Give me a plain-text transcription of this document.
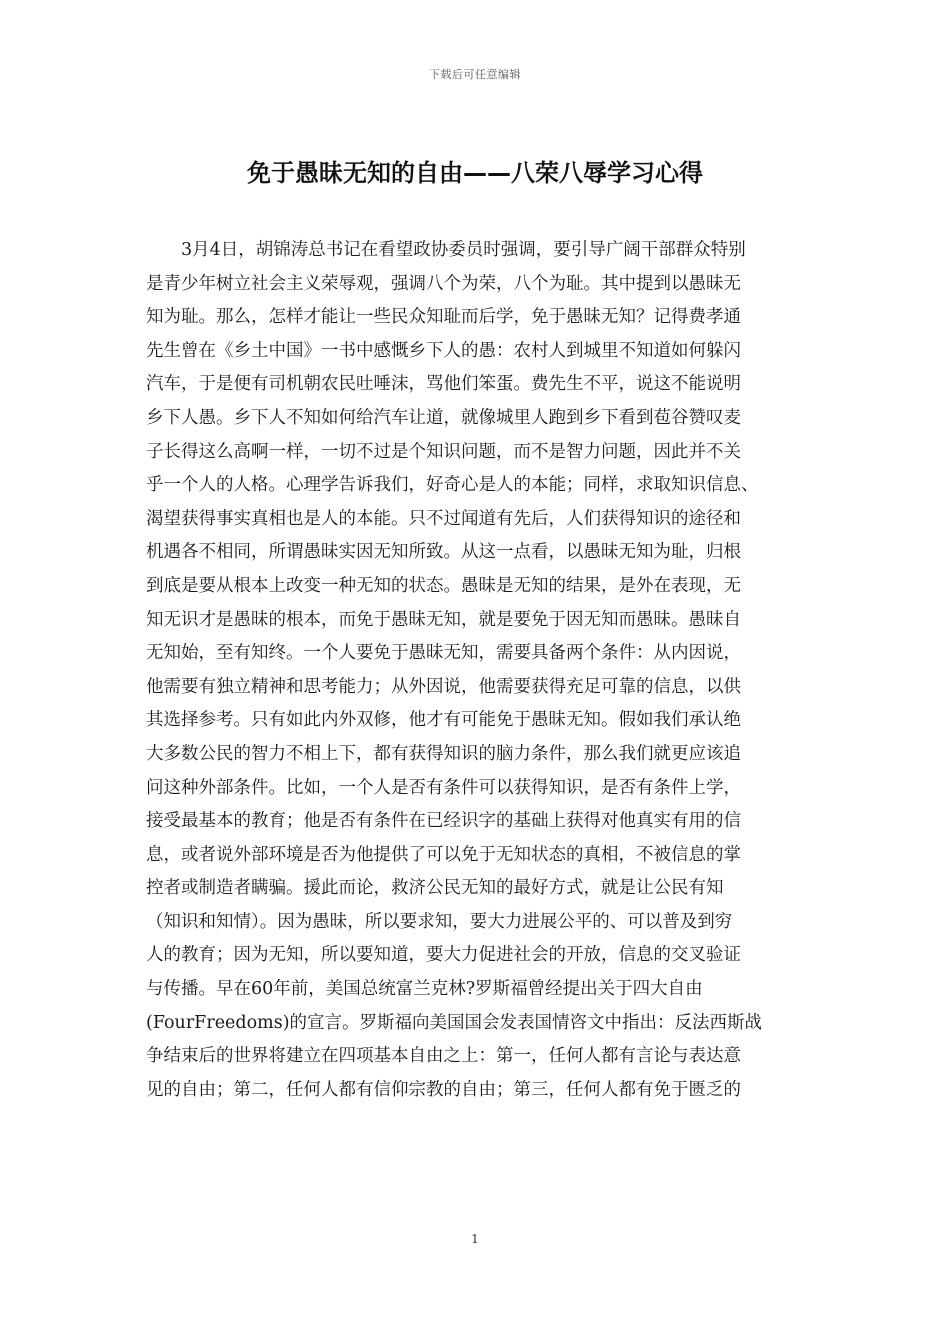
下载后可任意编辑
免于愚昧无知的自由——八荣八辱学习心得
　　3月4日，胡锦涛总书记在看望政协委员时强调，要引导广阔干部群众特别
是青少年树立社会主义荣辱观，强调八个为荣，八个为耻。其中提到以愚昧无
知为耻。那么，怎样才能让一些民众知耻而后学，免于愚昧无知？记得费孝通
先生曾在《乡土中国》一书中感慨乡下人的愚：农村人到城里不知道如何躲闪
汽车，于是便有司机朝农民吐唾沫，骂他们笨蛋。费先生不平，说这不能说明
乡下人愚。乡下人不知如何给汽车让道，就像城里人跑到乡下看到苞谷赞叹麦
子长得这么高啊一样，一切不过是个知识问题，而不是智力问题，因此并不关
乎一个人的人格。心理学告诉我们，好奇心是人的本能；同样，求取知识信息、
渴望获得事实真相也是人的本能。只不过闻道有先后，人们获得知识的途径和
机遇各不相同，所谓愚昧实因无知所致。从这一点看，以愚昧无知为耻，归根
到底是要从根本上改变一种无知的状态。愚昧是无知的结果，是外在表现，无
知无识才是愚昧的根本，而免于愚昧无知，就是要免于因无知而愚昧。愚昧自
无知始，至有知终。一个人要免于愚昧无知，需要具备两个条件：从内因说，
他需要有独立精神和思考能力；从外因说，他需要获得充足可靠的信息，以供
其选择参考。只有如此内外双修，他才有可能免于愚昧无知。假如我们承认绝
大多数公民的智力不相上下，都有获得知识的脑力条件，那么我们就更应该追
问这种外部条件。比如，一个人是否有条件可以获得知识，是否有条件上学，
接受最基本的教育；他是否有条件在已经识字的基础上获得对他真实有用的信
息，或者说外部环境是否为他提供了可以免于无知状态的真相，不被信息的掌
控者或制造者瞒骗。援此而论，救济公民无知的最好方式，就是让公民有知
（知识和知情）。因为愚昧，所以要求知，要大力进展公平的、可以普及到穷
人的教育；因为无知，所以要知道，要大力促进社会的开放，信息的交叉验证
与传播。早在60年前，美国总统富兰克林?罗斯福曾经提出关于四大自由
(FourFreedoms)的宣言。罗斯福向美国国会发表国情咨文中指出：反法西斯战
争结束后的世界将建立在四项基本自由之上：第一，任何人都有言论与表达意
见的自由；第二，任何人都有信仰宗教的自由；第三，任何人都有免于匮乏的
1
